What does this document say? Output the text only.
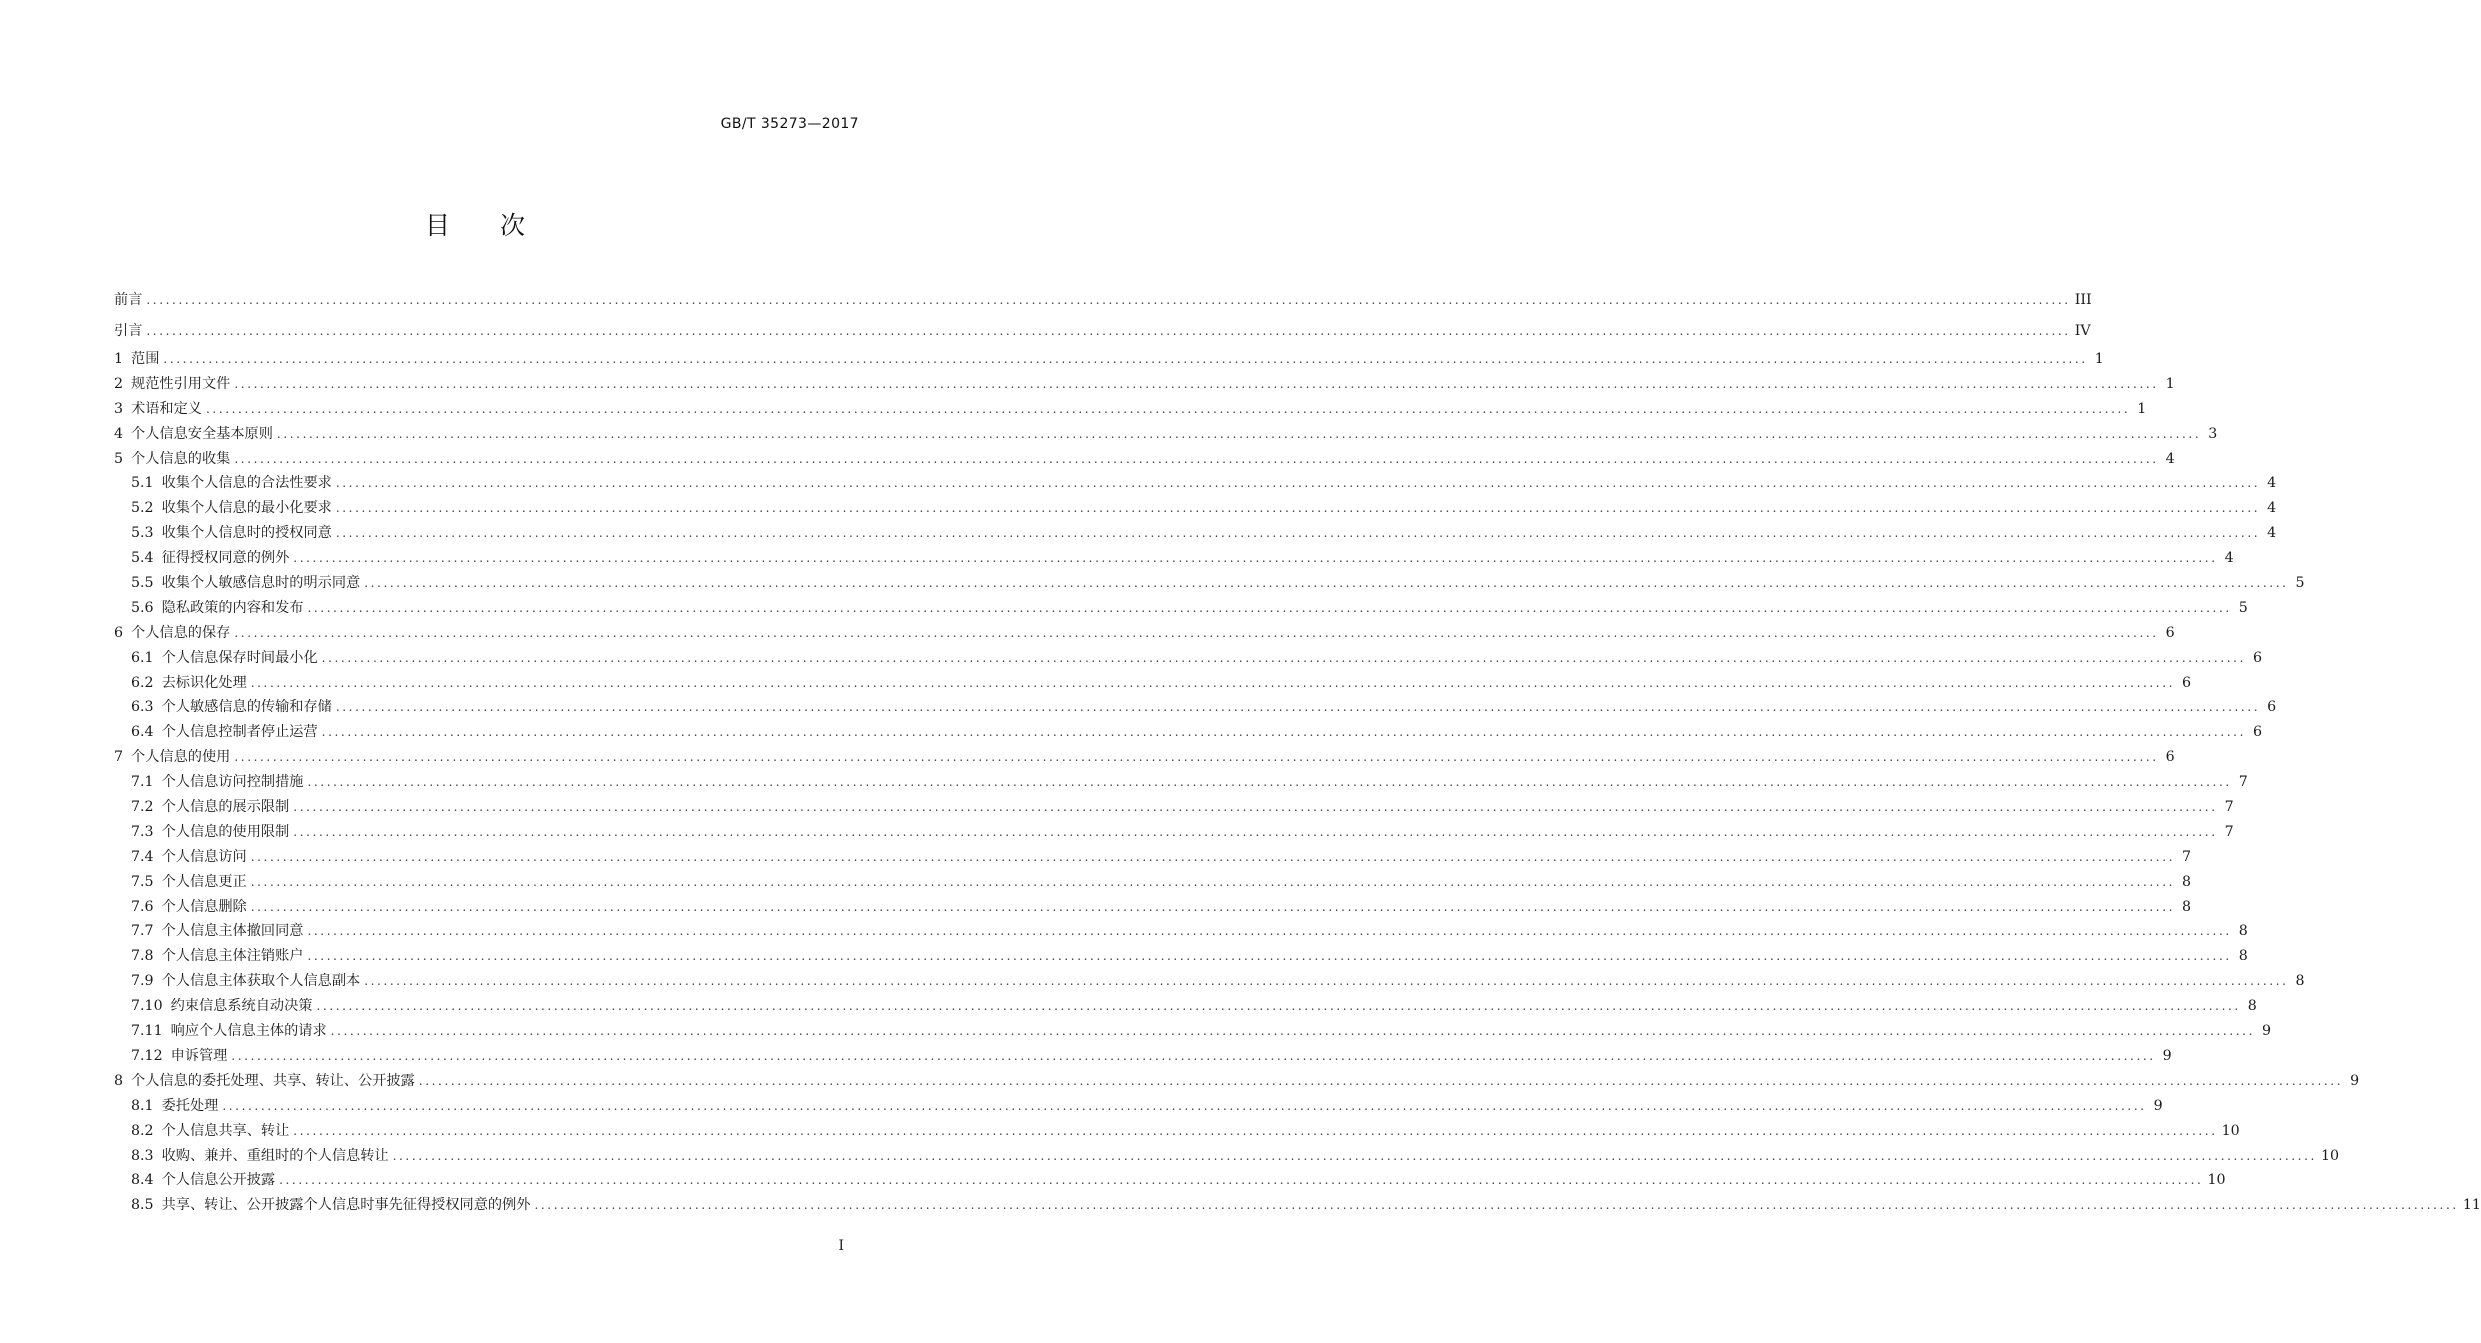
GB/T 35273—2017
目次
前言 ............................................................................................................................................................................................................................................................................................................ III
引言 ............................................................................................................................................................................................................................................................................................................ IV
1 范围 ............................................................................................................................................................................................................................................................................................................ 1
2 规范性引用文件 ............................................................................................................................................................................................................................................................................................................ 1
3 术语和定义 ............................................................................................................................................................................................................................................................................................................ 1
4 个人信息安全基本原则 ............................................................................................................................................................................................................................................................................................................ 3
5 个人信息的收集 ............................................................................................................................................................................................................................................................................................................ 4
5.1 收集个人信息的合法性要求 ............................................................................................................................................................................................................................................................................................................ 4
5.2 收集个人信息的最小化要求 ............................................................................................................................................................................................................................................................................................................ 4
5.3 收集个人信息时的授权同意 ............................................................................................................................................................................................................................................................................................................ 4
5.4 征得授权同意的例外 ............................................................................................................................................................................................................................................................................................................ 4
5.5 收集个人敏感信息时的明示同意 ............................................................................................................................................................................................................................................................................................................ 5
5.6 隐私政策的内容和发布 ............................................................................................................................................................................................................................................................................................................ 5
6 个人信息的保存 ............................................................................................................................................................................................................................................................................................................ 6
6.1 个人信息保存时间最小化 ............................................................................................................................................................................................................................................................................................................ 6
6.2 去标识化处理 ............................................................................................................................................................................................................................................................................................................ 6
6.3 个人敏感信息的传输和存储 ............................................................................................................................................................................................................................................................................................................ 6
6.4 个人信息控制者停止运营 ............................................................................................................................................................................................................................................................................................................ 6
7 个人信息的使用 ............................................................................................................................................................................................................................................................................................................ 6
7.1 个人信息访问控制措施 ............................................................................................................................................................................................................................................................................................................ 7
7.2 个人信息的展示限制 ............................................................................................................................................................................................................................................................................................................ 7
7.3 个人信息的使用限制 ............................................................................................................................................................................................................................................................................................................ 7
7.4 个人信息访问 ............................................................................................................................................................................................................................................................................................................ 7
7.5 个人信息更正 ............................................................................................................................................................................................................................................................................................................ 8
7.6 个人信息删除 ............................................................................................................................................................................................................................................................................................................ 8
7.7 个人信息主体撤回同意 ............................................................................................................................................................................................................................................................................................................ 8
7.8 个人信息主体注销账户 ............................................................................................................................................................................................................................................................................................................ 8
7.9 个人信息主体获取个人信息副本 ............................................................................................................................................................................................................................................................................................................ 8
7.10 约束信息系统自动决策 ............................................................................................................................................................................................................................................................................................................ 8
7.11 响应个人信息主体的请求 ............................................................................................................................................................................................................................................................................................................ 9
7.12 申诉管理 ............................................................................................................................................................................................................................................................................................................ 9
8 个人信息的委托处理、共享、转让、公开披露 ............................................................................................................................................................................................................................................................................................................ 9
8.1 委托处理 ............................................................................................................................................................................................................................................................................................................ 9
8.2 个人信息共享、转让 ............................................................................................................................................................................................................................................................................................................ 10
8.3 收购、兼并、重组时的个人信息转让 ............................................................................................................................................................................................................................................................................................................ 10
8.4 个人信息公开披露 ............................................................................................................................................................................................................................................................................................................ 10
8.5 共享、转让、公开披露个人信息时事先征得授权同意的例外 ............................................................................................................................................................................................................................................................................................................ 11
I
